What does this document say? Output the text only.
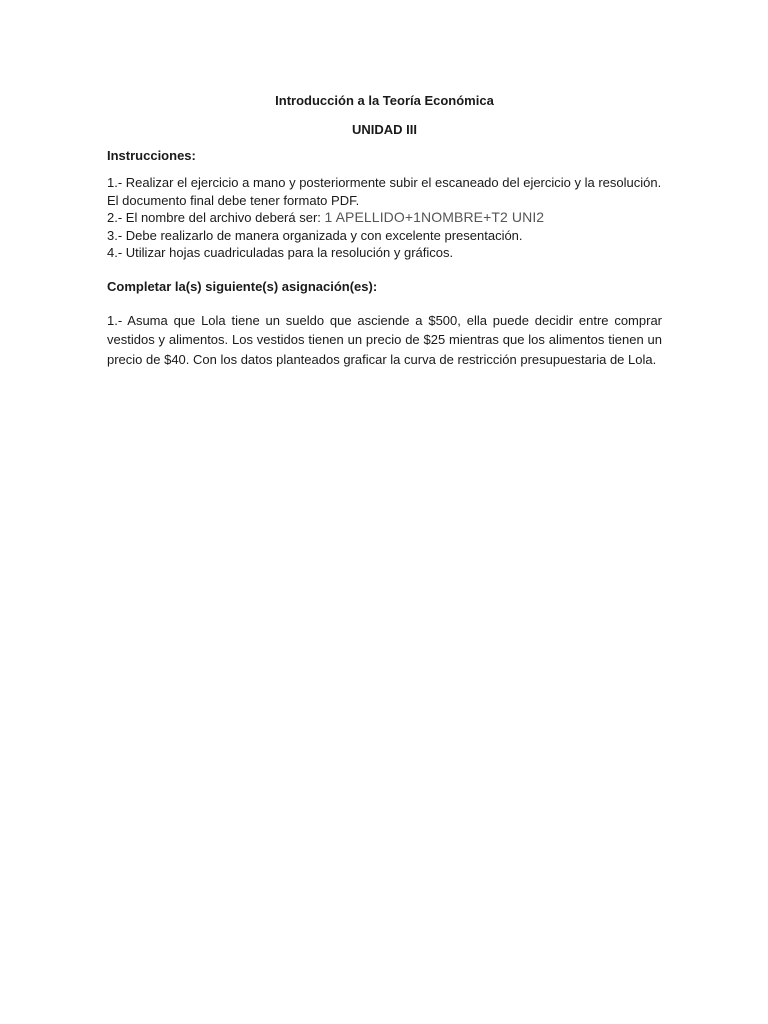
Introducción a la Teoría Económica
UNIDAD III
Instrucciones:
1.- Realizar el ejercicio a mano y posteriormente subir el escaneado del ejercicio y la resolución. El documento final debe tener formato PDF.
2.- El nombre del archivo deberá ser: 1 APELLIDO+1NOMBRE+T2 UNI2
3.- Debe realizarlo de manera organizada y con excelente presentación.
4.- Utilizar hojas cuadriculadas para la resolución y gráficos.
Completar la(s) siguiente(s) asignación(es):

1.- Asuma que Lola tiene un sueldo que asciende a $500, ella puede decidir entre comprar vestidos y alimentos. Los vestidos tienen un precio de $25 mientras que los alimentos tienen un precio de $40. Con los datos planteados graficar la curva de restricción presupuestaria de Lola.
